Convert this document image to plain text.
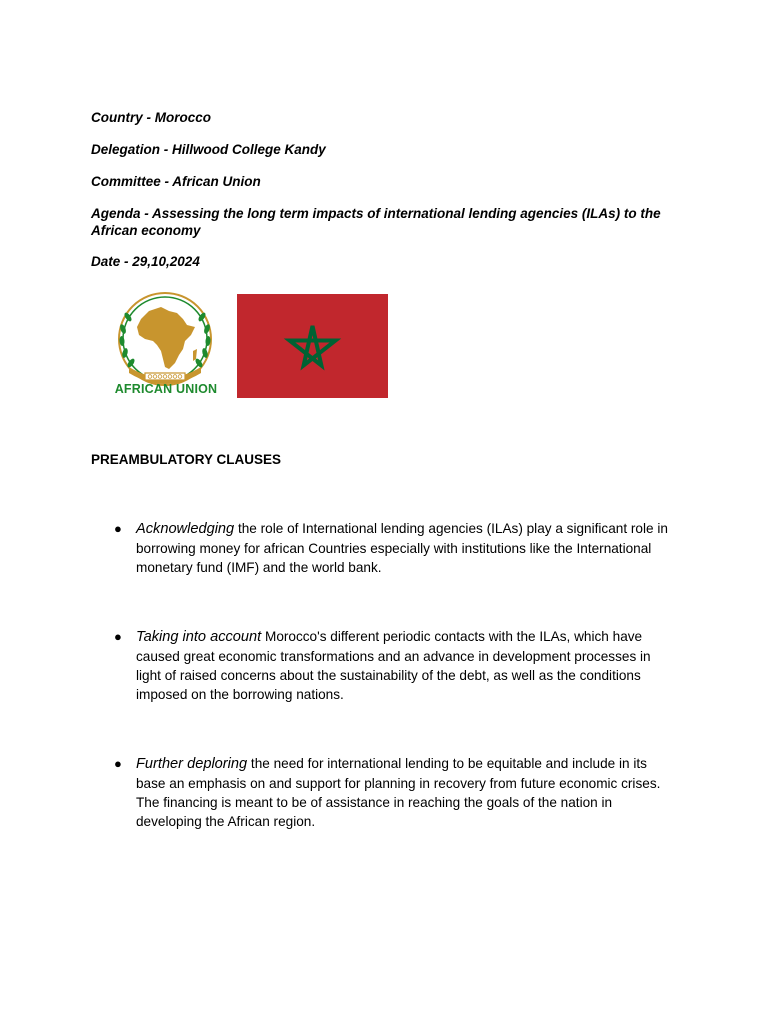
Country - Morocco
Delegation - Hillwood College Kandy
Committee - African Union
Agenda - Assessing the long term impacts of international lending agencies (ILAs) to the African economy
Date - 29,10,2024
AFRICAN UNION
PREAMBULATORY CLAUSES
● Acknowledging the role of International lending agencies (ILAs) play a significant role in borrowing money for african Countries especially with institutions like the International monetary fund (IMF) and the world bank.
● Taking into account Morocco's different periodic contacts with the ILAs, which have caused great economic transformations and an advance in development processes in light of raised concerns about the sustainability of the debt, as well as the conditions imposed on the borrowing nations.
● Further deploring the need for international lending to be equitable and include in its base an emphasis on and support for planning in recovery from future economic crises. The financing is meant to be of assistance in reaching the goals of the nation in developing the African region.
